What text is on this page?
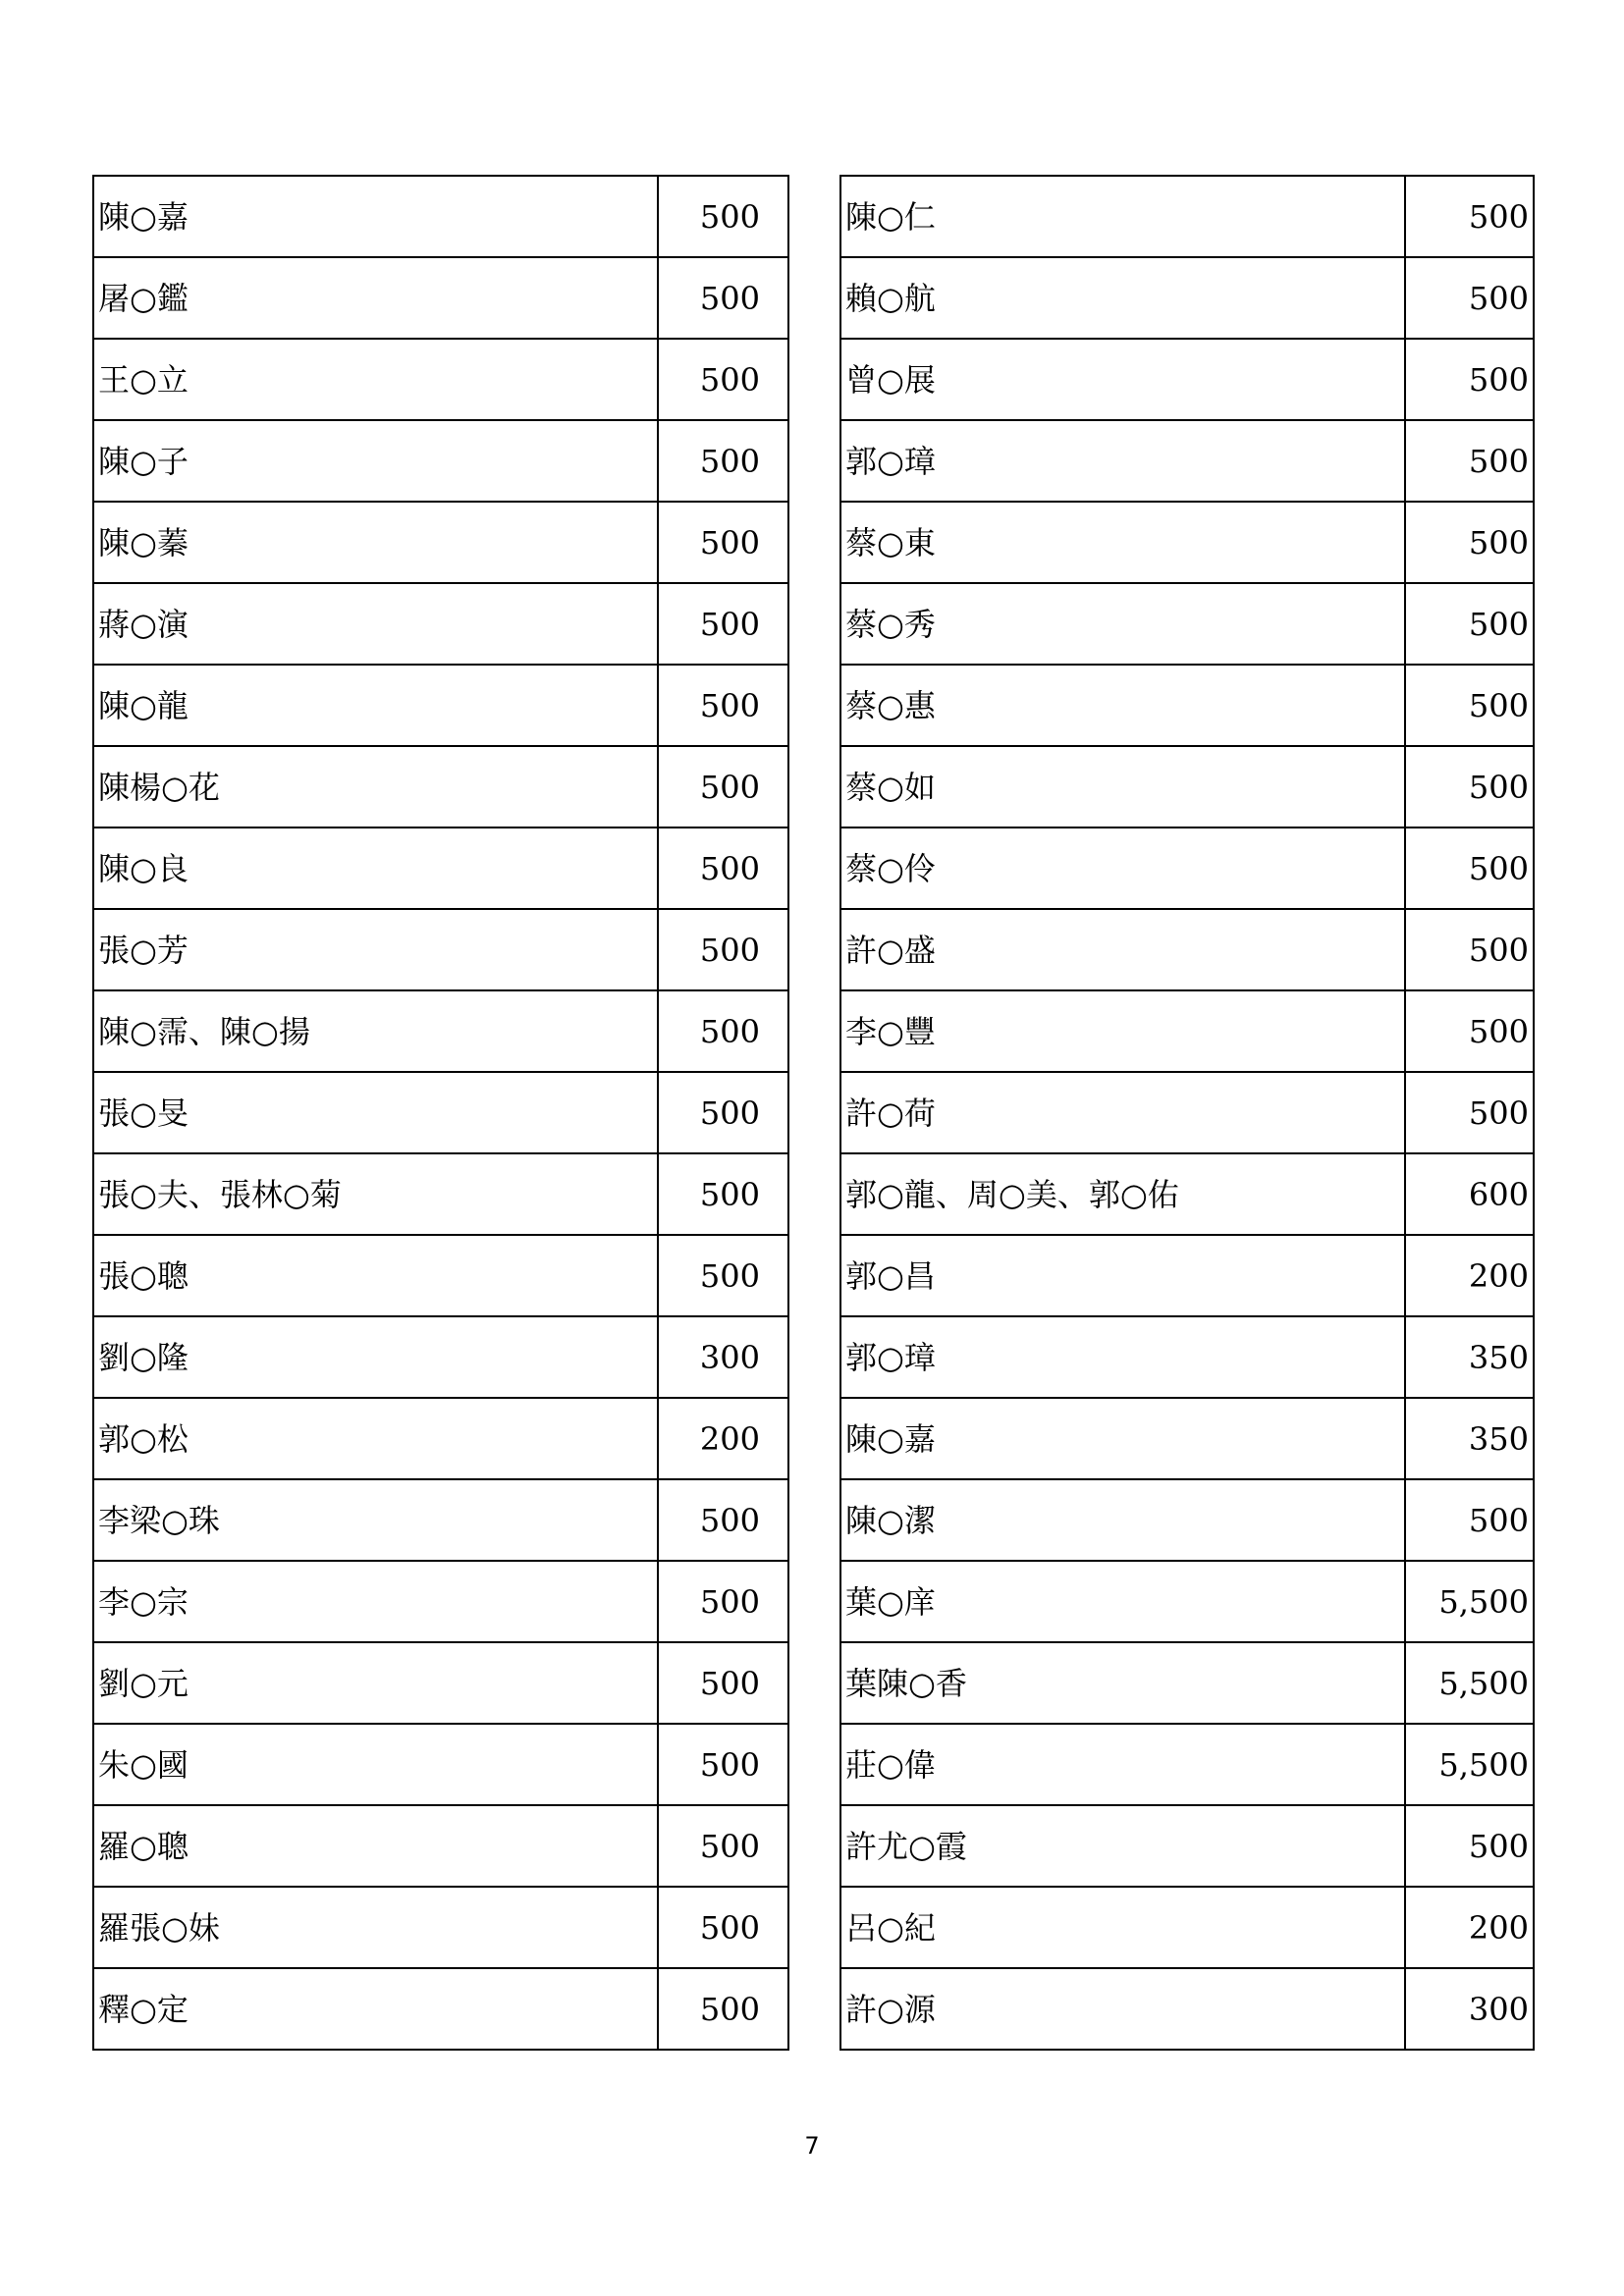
陳○嘉	500
屠○鑑	500
王○立	500
陳○子	500
陳○蓁	500
蔣○演	500
陳○龍	500
陳楊○花	500
陳○良	500
張○芳	500
陳○霈、陳○揚	500
張○旻	500
張○夫、張林○菊	500
張○聰	500
劉○隆	300
郭○松	200
李梁○珠	500
李○宗	500
劉○元	500
朱○國	500
羅○聰	500
羅張○妹	500
釋○定	500
陳○仁	500
賴○航	500
曾○展	500
郭○璋	500
蔡○東	500
蔡○秀	500
蔡○惠	500
蔡○如	500
蔡○伶	500
許○盛	500
李○豐	500
許○荷	500
郭○龍、周○美、郭○佑	600
郭○昌	200
郭○璋	350
陳○嘉	350
陳○潔	500
葉○庠	5,500
葉陳○香	5,500
莊○偉	5,500
許尤○霞	500
呂○紀	200
許○源	300
7
